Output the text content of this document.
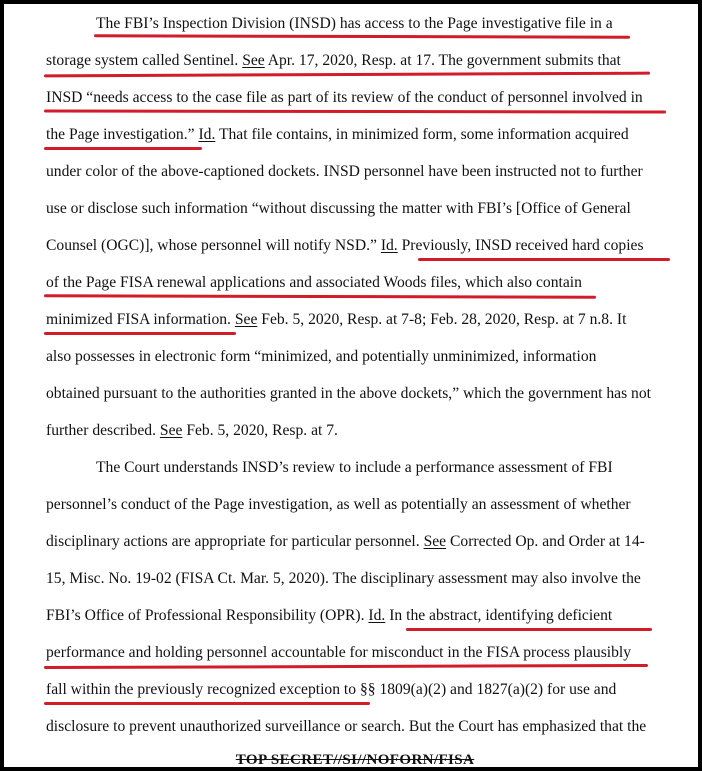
The FBI’s Inspection Division (INSD) has access to the Page investigative file in a
storage system called Sentinel. See Apr. 17, 2020, Resp. at 17. The government submits that
INSD “needs access to the case file as part of its review of the conduct of personnel involved in
the Page investigation.” Id. That file contains, in minimized form, some information acquired
under color of the above-captioned dockets. INSD personnel have been instructed not to further
use or disclose such information “without discussing the matter with FBI’s [Office of General
Counsel (OGC)], whose personnel will notify NSD.” Id. Previously, INSD received hard copies
of the Page FISA renewal applications and associated Woods files, which also contain
minimized FISA information. See Feb. 5, 2020, Resp. at 7-8; Feb. 28, 2020, Resp. at 7 n.8. It
also possesses in electronic form “minimized, and potentially unminimized, information
obtained pursuant to the authorities granted in the above dockets,” which the government has not
further described. See Feb. 5, 2020, Resp. at 7.
The Court understands INSD’s review to include a performance assessment of FBI
personnel’s conduct of the Page investigation, as well as potentially an assessment of whether
disciplinary actions are appropriate for particular personnel. See Corrected Op. and Order at 14-
15, Misc. No. 19-02 (FISA Ct. Mar. 5, 2020). The disciplinary assessment may also involve the
FBI’s Office of Professional Responsibility (OPR). Id. In the abstract, identifying deficient
performance and holding personnel accountable for misconduct in the FISA process plausibly
fall within the previously recognized exception to §§ 1809(a)(2) and 1827(a)(2) for use and
disclosure to prevent unauthorized surveillance or search. But the Court has emphasized that the
TOP SECRET//SI//NOFORN/FISA
